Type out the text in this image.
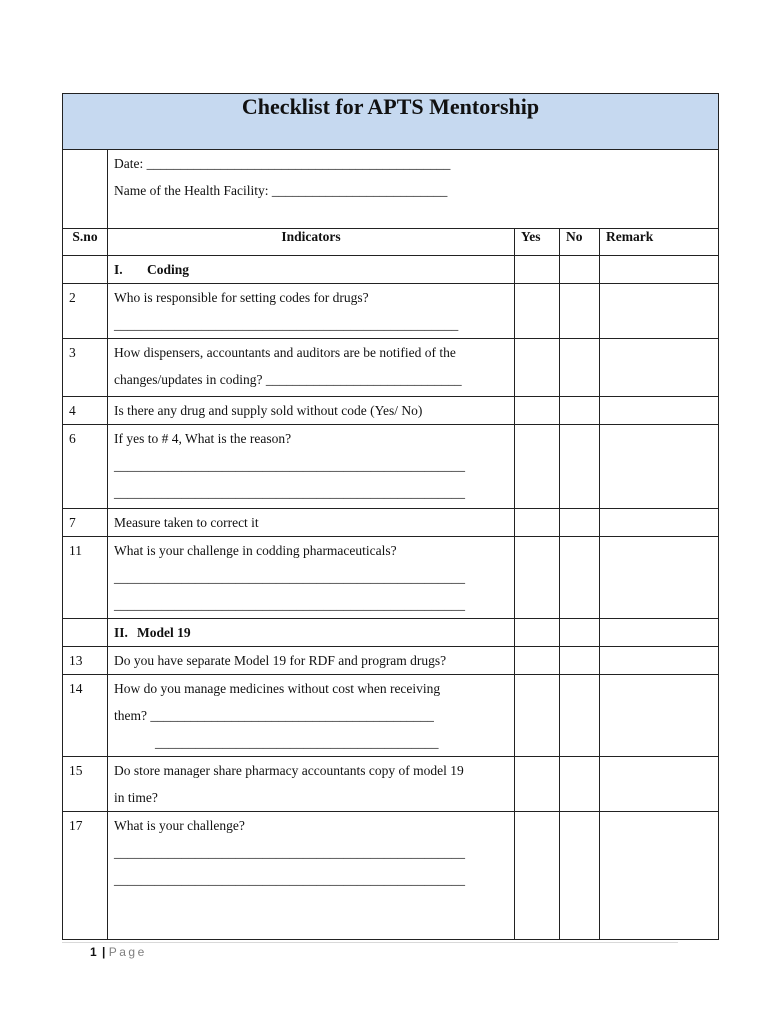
Checklist for APTS Mentorship				

	Date: _____________________________________________
Name of the Health Facility: __________________________			

S.no	Indicators	Yes	No	Remark
	I. Coding			
2	Who is responsible for setting codes for drugs?
___________________________________________________			

3	How dispensers, accountants and auditors are be notified of the
changes/updates in coding? _____________________________			

4	Is there any drug and supply sold without code (Yes/ No)			
6	If yes to # 4, What is the reason?
____________________________________________________
____________________________________________________			

7	Measure taken to correct it			
11	What is your challenge in codding pharmaceuticals?
____________________________________________________
____________________________________________________			

	II. Model 19			
13	Do you have separate Model 19 for RDF and program drugs?			
14	How do you manage medicines without cost when receiving
them? __________________________________________
__________________________________________			

15	Do store manager share pharmacy accountants copy of model 19
in time?			

17	What is your challenge?
____________________________________________________
____________________________________________________			

1 | Page
